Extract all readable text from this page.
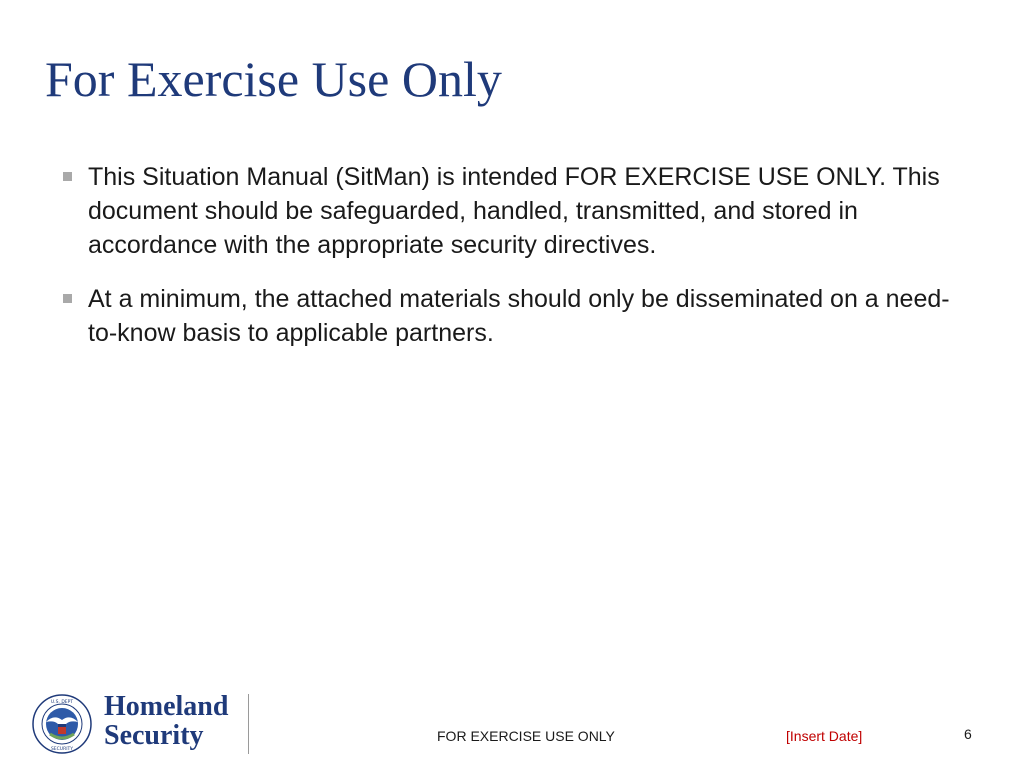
For Exercise Use Only
This Situation Manual (SitMan) is intended FOR EXERCISE USE ONLY. This document should be safeguarded, handled, transmitted, and stored in accordance with the appropriate security directives.
At a minimum, the attached materials should only be disseminated on a need-to-know basis to applicable partners.
U.S. DEPT
SECURITY
Homeland
Security	FOR EXERCISE USE ONLY	[Insert Date]	6
